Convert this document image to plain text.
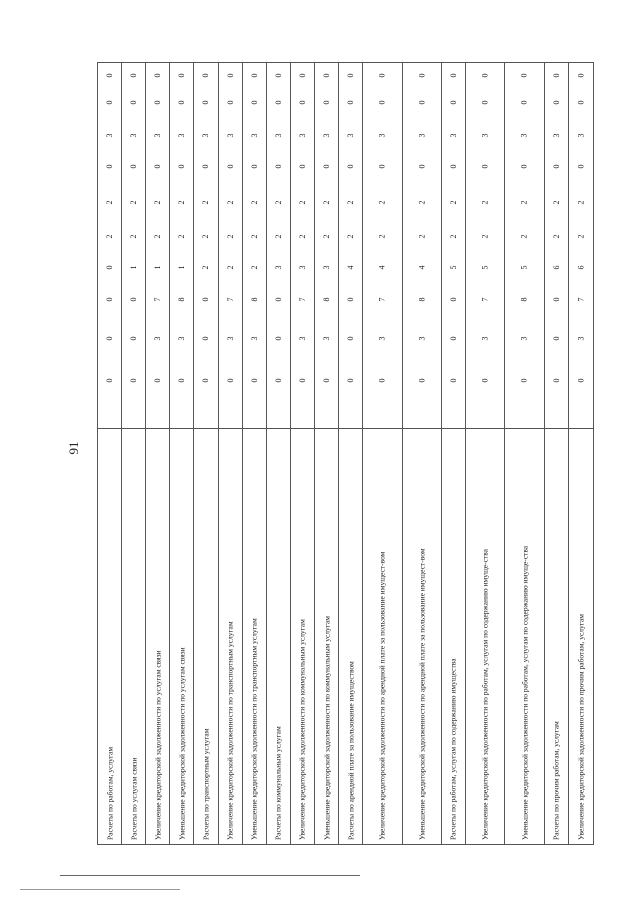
91
0
0
3
0
2
2
0
0
0
0
Расчеты по работам, услугам
0
0
3
0
2
2
1
0
0
0
Расчеты по услугам связи
0
0
3
0
2
2
1
7
3
0
Увеличение кредиторской задолженности по услугам связи
0
0
3
0
2
2
1
8
3
0
Уменьшение кредиторской задолженности по услугам связи
0
0
3
0
2
2
2
0
0
0
Расчеты по транспортным услугам
0
0
3
0
2
2
2
7
3
0
Увеличение кредиторской задолженности по транспортным услугам
0
0
3
0
2
2
2
8
3
0
Уменьшение кредиторской задолженности по транспортным услугам
0
0
3
0
2
2
3
0
0
0
Расчеты по коммунальным услугам
0
0
3
0
2
2
3
7
3
0
Увеличение кредиторской задолженности по коммунальным услугам
0
0
3
0
2
2
3
8
3
0
Уменьшение кредиторской задолженности по коммунальным услугам
0
0
3
0
2
2
4
0
0
0
Расчеты по арендной плате за пользование имуществом
0
0
3
0
2
2
4
7
3
0
Увеличение кредиторской задолженности по арендной плате за пользование имущест-вом
0
0
3
0
2
2
4
8
3
0
Уменьшение кредиторской задолженности по арендной плате за пользование имущест-вом
0
0
3
0
2
2
5
0
0
0
Расчеты по работам, услугам по содержанию имущества
0
0
3
0
2
2
5
7
3
0
Увеличение кредиторской задолженности по работам, услугам по содержанию имуще-ства
0
0
3
0
2
2
5
8
3
0
Уменьшение кредиторской задолженности по работам, услугам по содержанию имуще-ства
0
0
3
0
2
2
6
0
0
0
Расчеты по прочим работам, услугам
0
0
3
0
2
2
6
7
3
0
Увеличение кредиторской задолженности по прочим работам, услугам
